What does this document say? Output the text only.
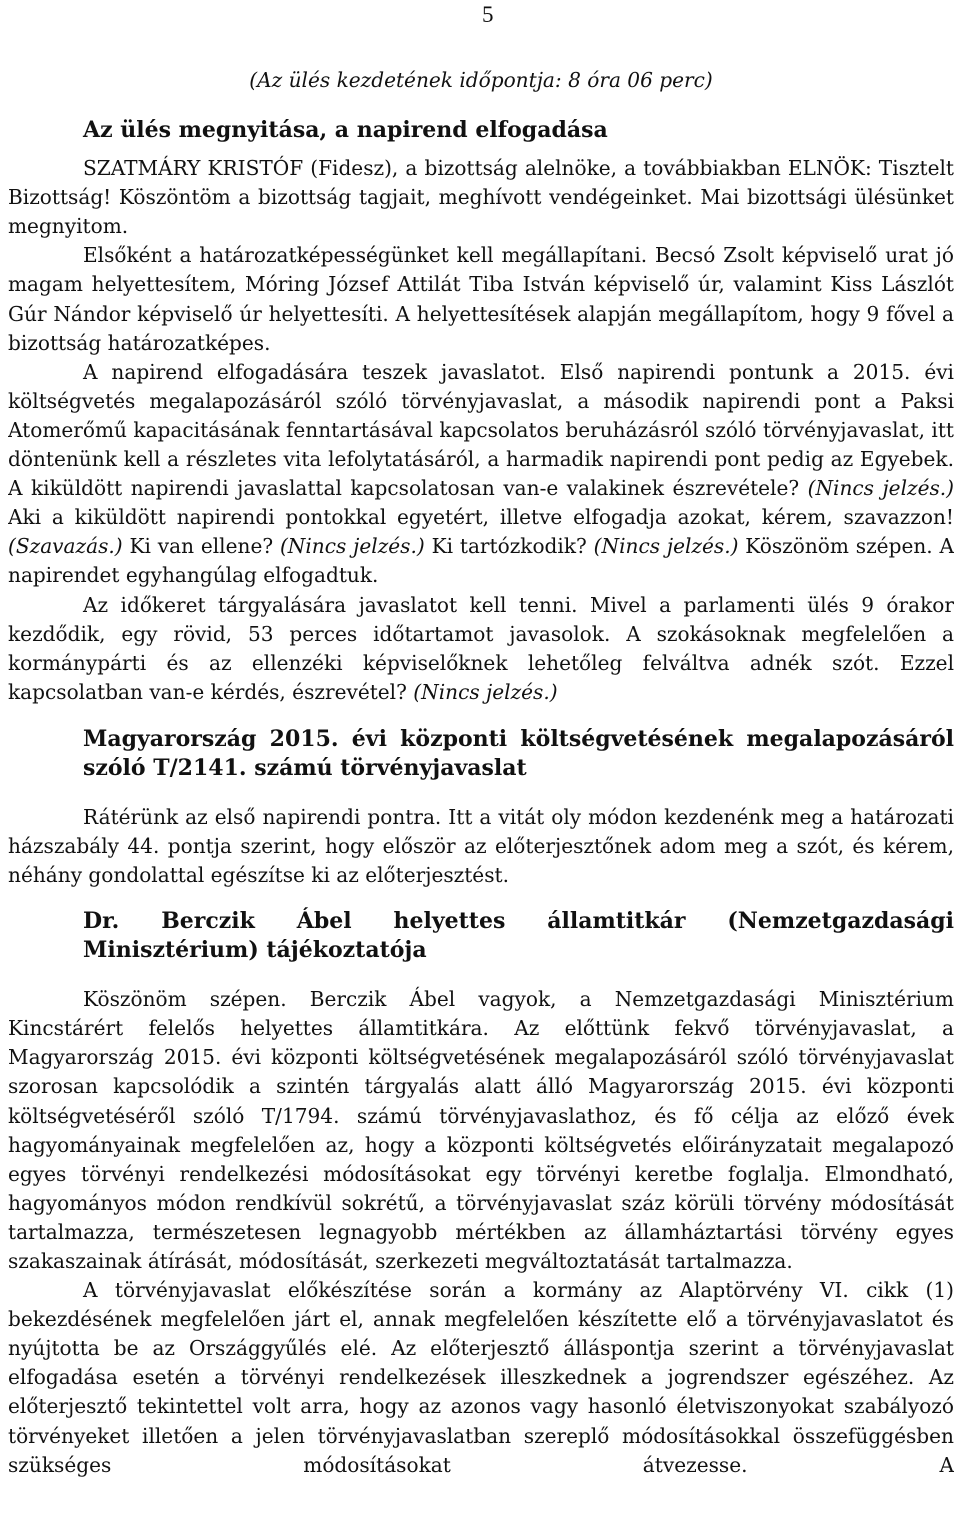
5

(Az ülés kezdetének időpontja: 8 óra 06 perc)

Az ülés megnyitása, a napirend elfogadása

SZATMÁRY KRISTÓF (Fidesz), a bizottság alelnöke, a továbbiakban ELNÖK: Tisztelt Bizottság! Köszöntöm a bizottság tagjait, meghívott vendégeinket. Mai bizottsági ülésünket megnyitom.

Elsőként a határozatképességünket kell megállapítani. Becsó Zsolt képviselő urat jó magam helyettesítem, Móring József Attilát Tiba István képviselő úr, valamint Kiss Lászlót Gúr Nándor képviselő úr helyettesíti. A helyettesítések alapján megállapítom, hogy 9 fővel a bizottság határozatképes.

A napirend elfogadására teszek javaslatot. Első napirendi pontunk a 2015. évi költségvetés megalapozásáról szóló törvényjavaslat, a második napirendi pont a Paksi Atomerőmű kapacitásának fenntartásával kapcsolatos beruházásról szóló törvényjavaslat, itt döntenünk kell a részletes vita lefolytatásáról, a harmadik napirendi pont pedig az Egyebek. A kiküldött napirendi javaslattal kapcsolatosan van-e valakinek észrevétele? (Nincs jelzés.) Aki a kiküldött napirendi pontokkal egyetért, illetve elfogadja azokat, kérem, szavazzon! (Szavazás.) Ki van ellene? (Nincs jelzés.) Ki tartózkodik? (Nincs jelzés.) Köszönöm szépen. A napirendet egyhangúlag elfogadtuk.

Az időkeret tárgyalására javaslatot kell tenni. Mivel a parlamenti ülés 9 órakor kezdődik, egy rövid, 53 perces időtartamot javasolok. A szokásoknak megfelelően a kormánypárti és az ellenzéki képviselőknek lehetőleg felváltva adnék szót. Ezzel kapcsolatban van-e kérdés, észrevétel? (Nincs jelzés.)

Magyarország 2015. évi központi költségvetésének megalapozásáról szóló T/2141. számú törvényjavaslat

Rátérünk az első napirendi pontra. Itt a vitát oly módon kezdenénk meg a határozati házszabály 44. pontja szerint, hogy először az előterjesztőnek adom meg a szót, és kérem, néhány gondolattal egészítse ki az előterjesztést.

Dr. Berczik Ábel helyettes államtitkár (Nemzetgazdasági
Minisztérium) tájékoztatója

Köszönöm szépen. Berczik Ábel vagyok, a Nemzetgazdasági Minisztérium Kincstárért felelős helyettes államtitkára. Az előttünk fekvő törvényjavaslat, a Magyarország 2015. évi központi költségvetésének megalapozásáról szóló törvényjavaslat szorosan kapcsolódik a szintén tárgyalás alatt álló Magyarország 2015. évi központi költségvetéséről szóló T/1794. számú törvényjavaslathoz, és fő célja az előző évek hagyományainak megfelelően az, hogy a központi költségvetés előirányzatait megalapozó egyes törvényi rendelkezési módosításokat egy törvényi keretbe foglalja. Elmondható, hagyományos módon rendkívül sokrétű, a törvényjavaslat száz körüli törvény módosítását tartalmazza, természetesen legnagyobb mértékben az államháztartási törvény egyes szakaszainak átírását, módosítását, szerkezeti megváltoztatását tartalmazza.

A törvényjavaslat előkészítése során a kormány az Alaptörvény VI. cikk (1) bekezdésének megfelelően járt el, annak megfelelően készítette elő a törvényjavaslatot és nyújtotta be az Országgyűlés elé. Az előterjesztő álláspontja szerint a törvényjavaslat elfogadása esetén a törvényi rendelkezések illeszkednek a jogrendszer egészéhez. Az előterjesztő tekintettel volt arra, hogy az azonos vagy hasonló életviszonyokat szabályozó törvényeket illetően a jelen törvényjavaslatban szereplő módosításokkal összefüggésben szükséges módosításokat átvezesse. A
